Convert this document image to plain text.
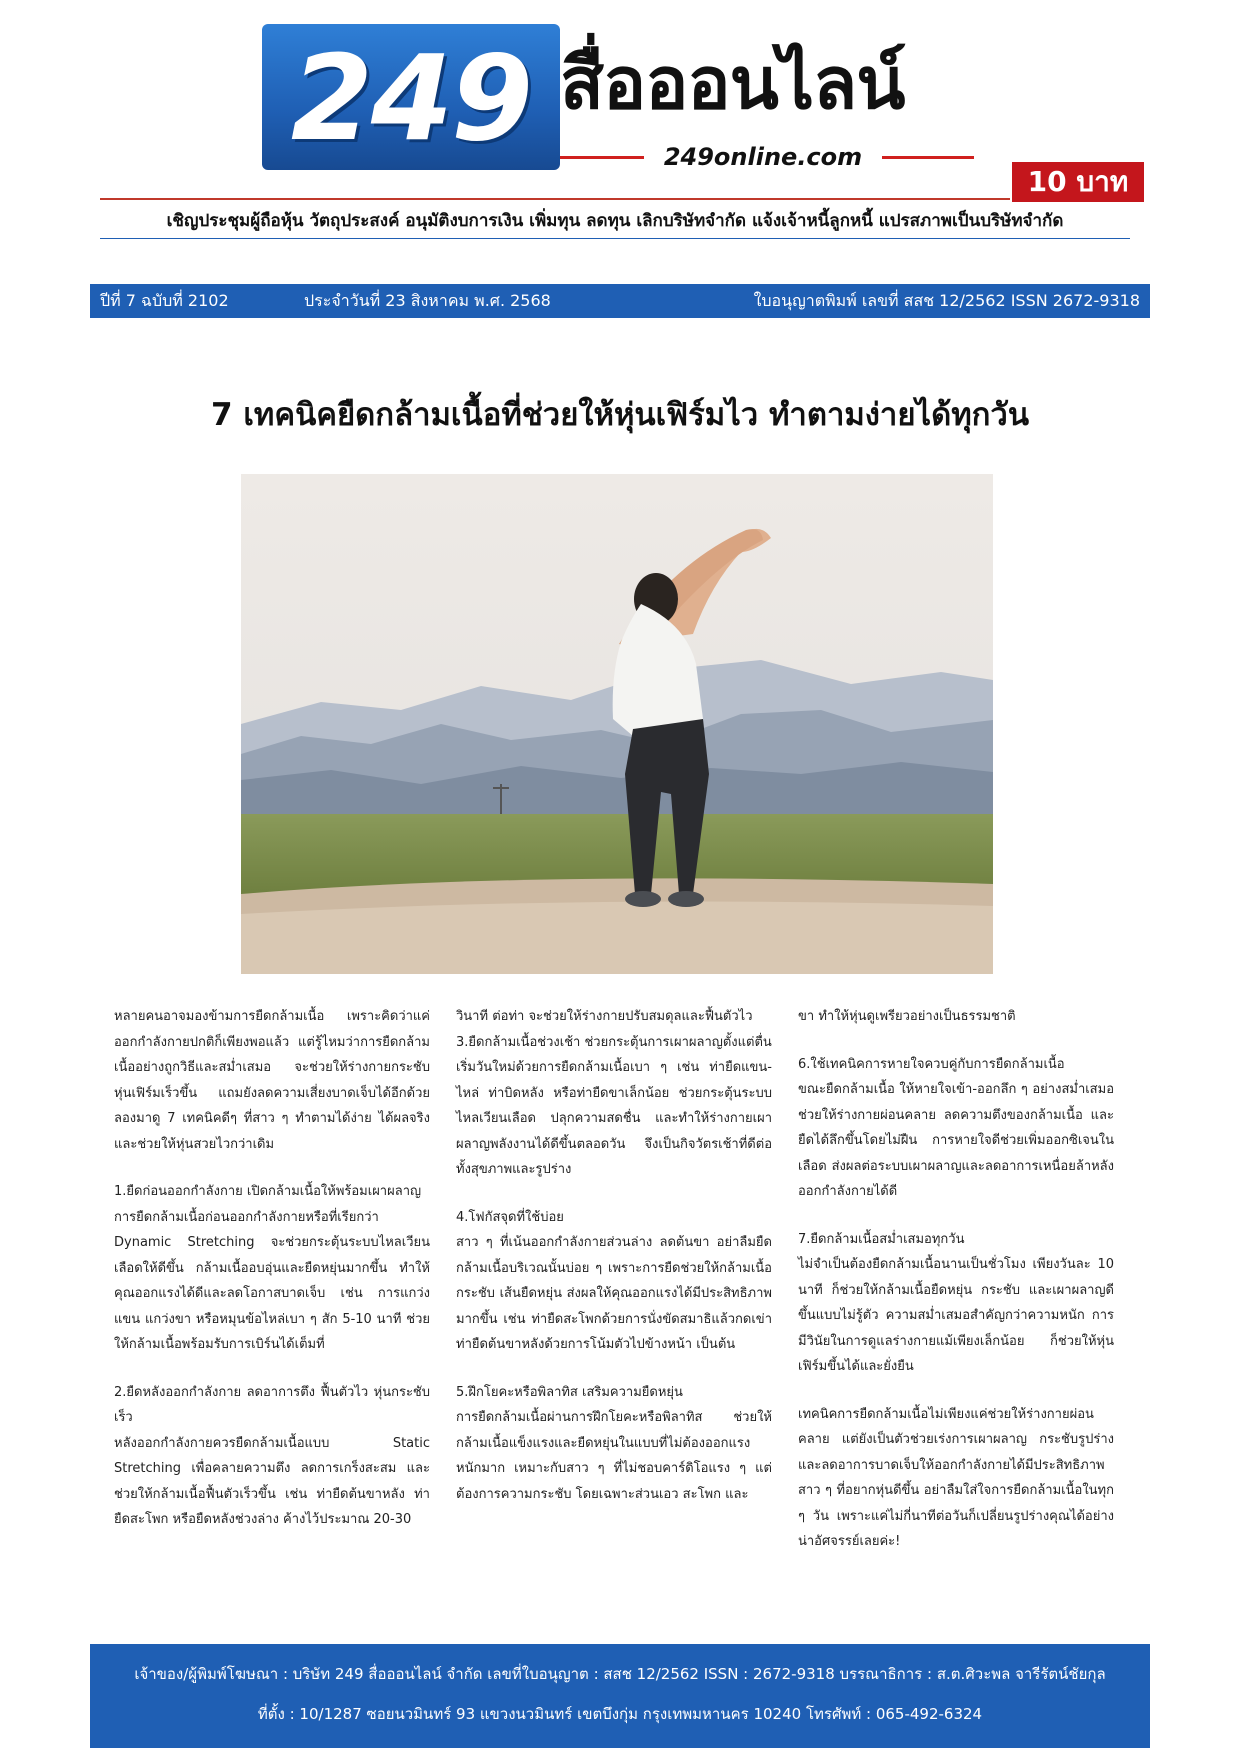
249 สื่อออนไลน์
249online.com
10 บาท
เชิญประชุมผู้ถือหุ้น วัตถุประสงค์ อนุมัติงบการเงิน เพิ่มทุน ลดทุน เลิกบริษัทจำกัด แจ้งเจ้าหนี้ลูกหนี้ แปรสภาพเป็นบริษัทจำกัด
ปีที่ 7 ฉบับที่ 2102	ประจำวันที่ 23 สิงหาคม พ.ศ. 2568	ใบอนุญาตพิมพ์ เลขที่ สสช 12/2562 ISSN 2672-9318
7 เทคนิคยืดกล้ามเนื้อที่ช่วยให้หุ่นเฟิร์มไว ทำตามง่ายได้ทุกวัน

หลายคนอาจมองข้ามการยืดกล้ามเนื้อ เพราะคิดว่าแค่ออกกำลังกายปกติก็เพียงพอแล้ว แต่รู้ไหมว่าการยืดกล้ามเนื้ออย่างถูกวิธีและสม่ำเสมอ จะช่วยให้ร่างกายกระชับ หุ่นเฟิร์มเร็วขึ้น แถมยังลดความเสี่ยงบาดเจ็บได้อีกด้วย ลองมาดู 7 เทคนิคดีๆ ที่สาว ๆ ทำตามได้ง่าย ได้ผลจริง และช่วยให้หุ่นสวยไวกว่าเดิม

1.ยืดก่อนออกกำลังกาย เปิดกล้ามเนื้อให้พร้อมเผาผลาญ

การยืดกล้ามเนื้อก่อนออกกำลังกายหรือที่เรียกว่า Dynamic Stretching จะช่วยกระตุ้นระบบไหลเวียนเลือดให้ดีขึ้น กล้ามเนื้ออบอุ่นและยืดหยุ่นมากขึ้น ทำให้คุณออกแรงได้ดีและลดโอกาสบาดเจ็บ เช่น การแกว่งแขน แกว่งขา หรือหมุนข้อไหล่เบา ๆ สัก 5-10 นาที ช่วยให้กล้ามเนื้อพร้อมรับการเบิร์นได้เต็มที่

2.ยืดหลังออกกำลังกาย ลดอาการตึง ฟื้นตัวไว หุ่นกระชับเร็ว

หลังออกกำลังกายควรยืดกล้ามเนื้อแบบ Static Stretching เพื่อคลายความตึง ลดการเกร็งสะสม และช่วยให้กล้ามเนื้อฟื้นตัวเร็วขึ้น เช่น ท่ายืดต้นขาหลัง ท่ายืดสะโพก หรือยืดหลังช่วงล่าง ค้างไว้ประมาณ 20-30

วินาที ต่อท่า จะช่วยให้ร่างกายปรับสมดุลและฟื้นตัวไว

3.ยืดกล้ามเนื้อช่วงเช้า ช่วยกระตุ้นการเผาผลาญตั้งแต่ตื่น

เริ่มวันใหม่ด้วยการยืดกล้ามเนื้อเบา ๆ เช่น ท่ายืดแขน-ไหล่ ท่าบิดหลัง หรือท่ายืดขาเล็กน้อย ช่วยกระตุ้นระบบไหลเวียนเลือด ปลุกความสดชื่น และทำให้ร่างกายเผาผลาญพลังงานได้ดีขึ้นตลอดวัน จึงเป็นกิจวัตรเช้าที่ดีต่อทั้งสุขภาพและรูปร่าง

4.โฟกัสจุดที่ใช้บ่อย

สาว ๆ ที่เน้นออกกำลังกายส่วนล่าง ลดต้นขา อย่าลืมยืดกล้ามเนื้อบริเวณนั้นบ่อย ๆ เพราะการยืดช่วยให้กล้ามเนื้อกระชับ เส้นยืดหยุ่น ส่งผลให้คุณออกแรงได้มีประสิทธิภาพมากขึ้น เช่น ท่ายืดสะโพกด้วยการนั่งขัดสมาธิแล้วกดเข่า ท่ายืดต้นขาหลังด้วยการโน้มตัวไปข้างหน้า เป็นต้น

5.ฝึกโยคะหรือพิลาทิส เสริมความยืดหยุ่น

การยืดกล้ามเนื้อผ่านการฝึกโยคะหรือพิลาทิส ช่วยให้กล้ามเนื้อแข็งแรงและยืดหยุ่นในแบบที่ไม่ต้องออกแรงหนักมาก เหมาะกับสาว ๆ ที่ไม่ชอบคาร์ดิโอแรง ๆ แต่ต้องการความกระชับ โดยเฉพาะส่วนเอว สะโพก และ

ขา ทำให้หุ่นดูเพรียวอย่างเป็นธรรมชาติ

6.ใช้เทคนิคการหายใจควบคู่กับการยืดกล้ามเนื้อ

ขณะยืดกล้ามเนื้อ ให้หายใจเข้า-ออกลึก ๆ อย่างสม่ำเสมอ ช่วยให้ร่างกายผ่อนคลาย ลดความตึงของกล้ามเนื้อ และยืดได้ลึกขึ้นโดยไม่ฝืน การหายใจดีช่วยเพิ่มออกซิเจนในเลือด ส่งผลต่อระบบเผาผลาญและลดอาการเหนื่อยล้าหลังออกกำลังกายได้ดี

7.ยืดกล้ามเนื้อสม่ำเสมอทุกวัน

ไม่จำเป็นต้องยืดกล้ามเนื้อนานเป็นชั่วโมง เพียงวันละ 10 นาที ก็ช่วยให้กล้ามเนื้อยืดหยุ่น กระชับ และเผาผลาญดีขึ้นแบบไม่รู้ตัว ความสม่ำเสมอสำคัญกว่าความหนัก การมีวินัยในการดูแลร่างกายแม้เพียงเล็กน้อย ก็ช่วยให้หุ่นเฟิร์มขึ้นได้และยั่งยืน

เทคนิคการยืดกล้ามเนื้อไม่เพียงแค่ช่วยให้ร่างกายผ่อนคลาย แต่ยังเป็นตัวช่วยเร่งการเผาผลาญ กระชับรูปร่าง และลดอาการบาดเจ็บให้ออกกำลังกายได้มีประสิทธิภาพ สาว ๆ ที่อยากหุ่นดีขึ้น อย่าลืมใส่ใจการยืดกล้ามเนื้อในทุก ๆ วัน เพราะแค่ไม่กี่นาทีต่อวันก็เปลี่ยนรูปร่างคุณได้อย่างน่าอัศจรรย์เลยค่ะ!

เจ้าของ/ผู้พิมพ์โฆษณา : บริษัท 249 สื่อออนไลน์ จำกัด เลขที่ใบอนุญาต : สสช 12/2562 ISSN : 2672-9318 บรรณาธิการ : ส.ต.ศิวะพล จารีรัตน์ชัยกุล
ที่ตั้ง : 10/1287 ซอยนวมินทร์ 93 แขวงนวมินทร์ เขตบึงกุ่ม กรุงเทพมหานคร 10240 โทรศัพท์ : 065-492-6324
